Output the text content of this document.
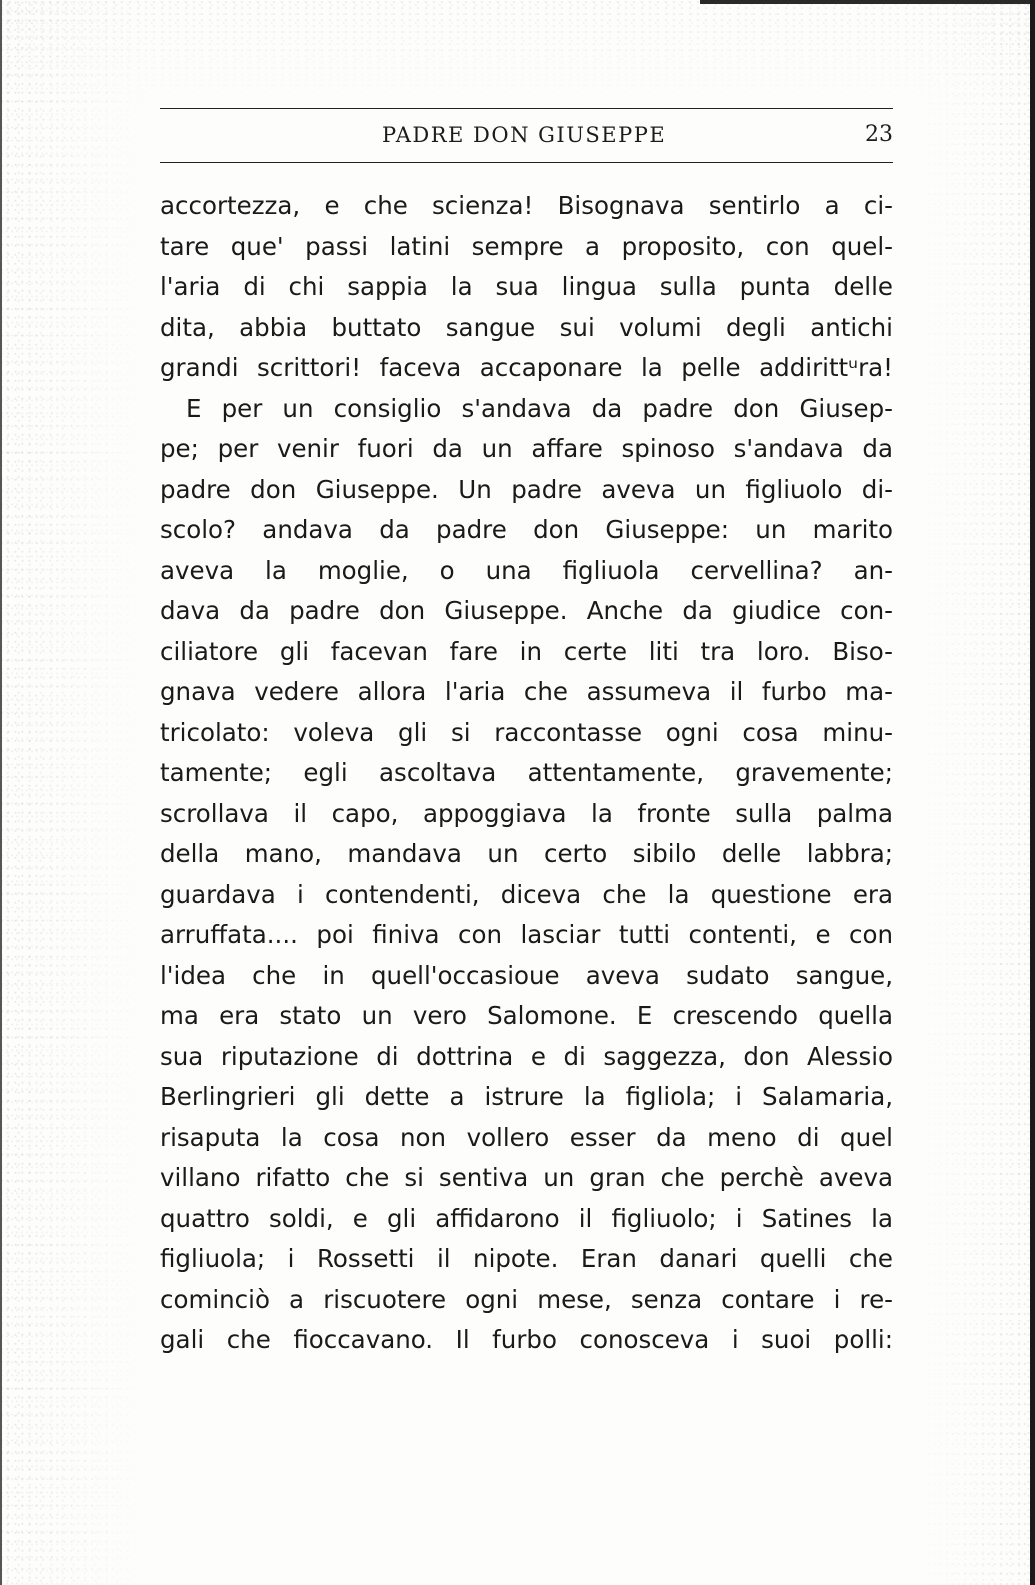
PADRE DON GIUSEPPE	23
accortezza, e che scienza! Bisognava sentirlo a ci-
tare que' passi latini sempre a proposito, con quel-
l'aria di chi sappia la sua lingua sulla punta delle
dita, abbia buttato sangue sui volumi degli antichi
grandi scrittori! faceva accaponare la pelle addirittᵘra!
E per un consiglio s'andava da padre don Giusep-
pe; per venir fuori da un affare spinoso s'andava da
padre don Giuseppe. Un padre aveva un figliuolo di-
scolo? andava da padre don Giuseppe: un marito
aveva la moglie, o una figliuola cervellina? an-
dava da padre don Giuseppe. Anche da giudice con-
ciliatore gli facevan fare in certe liti tra loro. Biso-
gnava vedere allora l'aria che assumeva il furbo ma-
tricolato: voleva gli si raccontasse ogni cosa minu-
tamente; egli ascoltava attentamente, gravemente;
scrollava il capo, appoggiava la fronte sulla palma
della mano, mandava un certo sibilo delle labbra;
guardava i contendenti, diceva che la questione era
arruffata.... poi finiva con lasciar tutti contenti, e con
l'idea che in quell'occasioue aveva sudato sangue,
ma era stato un vero Salomone. E crescendo quella
sua riputazione di dottrina e di saggezza, don Alessio
Berlingrieri gli dette a istrure la figliola; i Salamaria,
risaputa la cosa non vollero esser da meno di quel
villano rifatto che si sentiva un gran che perchè aveva
quattro soldi, e gli affidarono il figliuolo; i Satines la
figliuola; i Rossetti il nipote. Eran danari quelli che
cominciò a riscuotere ogni mese, senza contare i re-
gali che fioccavano. Il furbo conosceva i suoi polli:
